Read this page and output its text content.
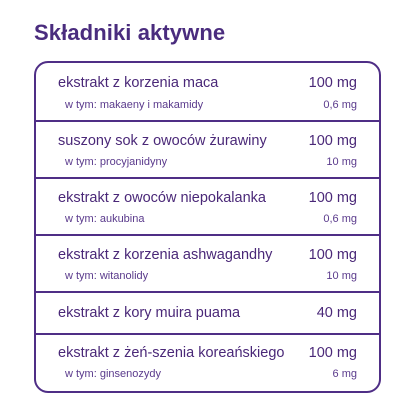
Składniki aktywne
ekstrakt z korzenia maca	100 mg
w tym: makaeny i makamidy	0,6 mg
suszony sok z owoców żurawiny	100 mg
w tym: procyjanidyny	10 mg
ekstrakt z owoców niepokalanka	100 mg
w tym: aukubina	0,6 mg
ekstrakt z korzenia ashwagandhy 100 mg
w tym: witanolidy	10 mg
ekstrakt z kory muira puama	40 mg
ekstrakt z żeń-szenia koreańskiego 100 mg
w tym: ginsenozydy	6 mg
